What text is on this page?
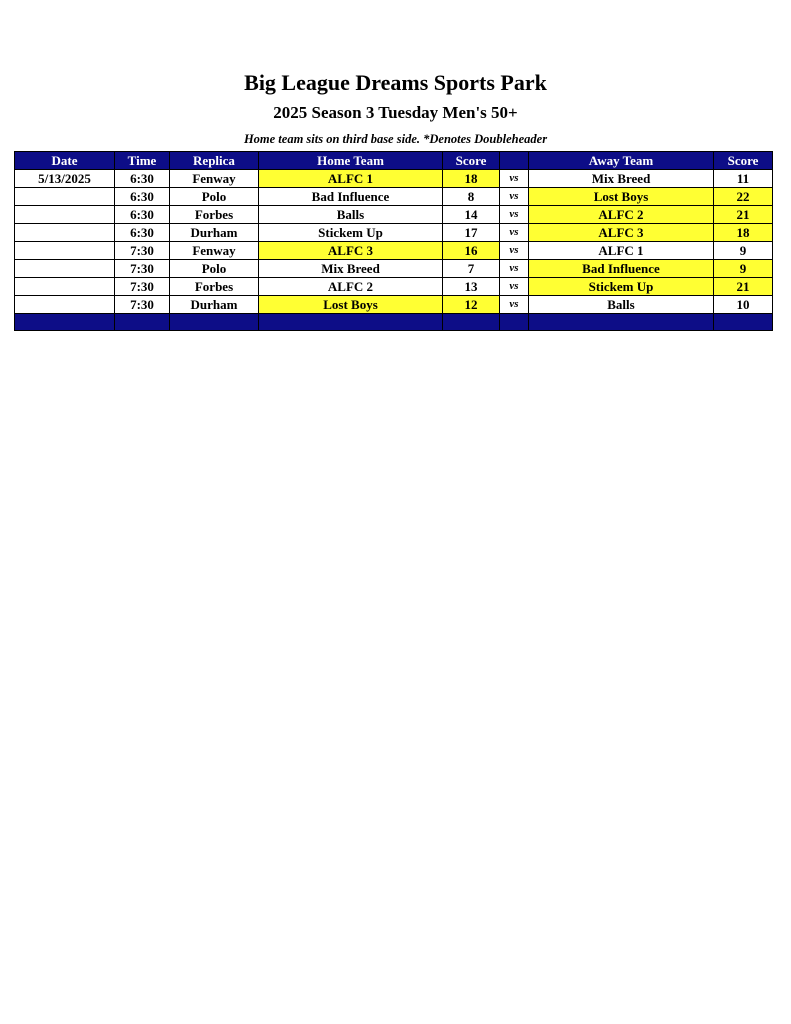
Big League Dreams Sports Park
2025 Season 3 Tuesday Men's 50+
Home team sits on third base side. *Denotes Doubleheader
Date	Time	Replica	Home Team	Score		Away Team	Score
5/13/2025	6:30	Fenway	ALFC 1	18	vs	Mix Breed	11
	6:30	Polo	Bad Influence	8	vs	Lost Boys	22
	6:30	Forbes	Balls	14	vs	ALFC 2	21
	6:30	Durham	Stickem Up	17	vs	ALFC 3	18
	7:30	Fenway	ALFC 3	16	vs	ALFC 1	9
	7:30	Polo	Mix Breed	7	vs	Bad Influence	9
	7:30	Forbes	ALFC 2	13	vs	Stickem Up	21
	7:30	Durham	Lost Boys	12	vs	Balls	10
